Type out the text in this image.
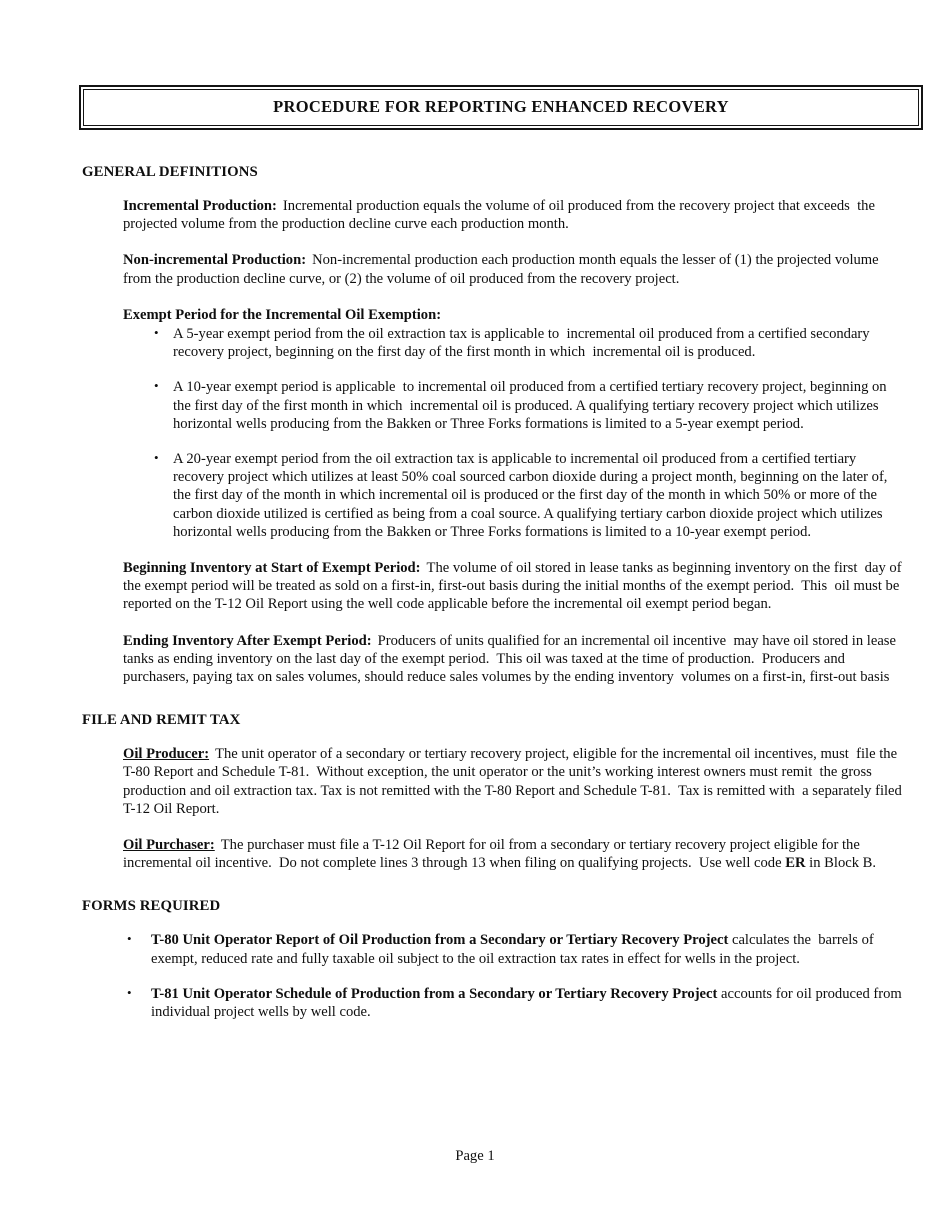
PROCEDURE FOR REPORTING ENHANCED RECOVERY
GENERAL DEFINITIONS

Incremental Production: Incremental production equals the volume of oil produced from the recovery project that exceeds  the projected volume from the production decline curve each production month.

Non-incremental Production: Non-incremental production each production month equals the lesser of (1) the projected volume from the production decline curve, or (2) the volume of oil produced from the recovery project.

Exempt Period for the Incremental Oil Exemption:

• A 5-year exempt period from the oil extraction tax is applicable to  incremental oil produced from a certified secondary recovery project, beginning on the first day of the first month in which  incremental oil is produced.
• A 10-year exempt period is applicable  to incremental oil produced from a certified tertiary recovery project, beginning on the first day of the first month in which  incremental oil is produced. A qualifying tertiary recovery project which utilizes horizontal wells producing from the Bakken or Three Forks formations is limited to a 5-year exempt period.
• A 20-year exempt period from the oil extraction tax is applicable to incremental oil produced from a certified tertiary recovery project which utilizes at least 50% coal sourced carbon dioxide during a project month, beginning on the later of, the first day of the month in which incremental oil is produced or the first day of the month in which 50% or more of the carbon dioxide utilized is certified as being from a coal source. A qualifying tertiary carbon dioxide project which utilizes horizontal wells producing from the Bakken or Three Forks formations is limited to a 10-year exempt period.

Beginning Inventory at Start of Exempt Period: The volume of oil stored in lease tanks as beginning inventory on the first  day of the exempt period will be treated as sold on a first-in, first-out basis during the initial months of the exempt period.  This  oil must be reported on the T-12 Oil Report using the well code applicable before the incremental oil exempt period began.

Ending Inventory After Exempt Period: Producers of units qualified for an incremental oil incentive  may have oil stored in lease tanks as ending inventory on the last day of the exempt period.  This oil was taxed at the time of production.  Producers and purchasers, paying tax on sales volumes, should reduce sales volumes by the ending inventory  volumes on a first-in, first-out basis

FILE AND REMIT TAX

Oil Producer: The unit operator of a secondary or tertiary recovery project, eligible for the incremental oil incentives, must  file the T-80 Report and Schedule T-81.  Without exception, the unit operator or the unit’s working interest owners must remit  the gross production and oil extraction tax. Tax is not remitted with the T-80 Report and Schedule T-81.  Tax is remitted with  a separately filed T-12 Oil Report.

Oil Purchaser: The purchaser must file a T-12 Oil Report for oil from a secondary or tertiary recovery project eligible for the  incremental oil incentive.  Do not complete lines 3 through 13 when filing on qualifying projects.  Use well code ER in Block B.

FORMS REQUIRED
• T-80 Unit Operator Report of Oil Production from a Secondary or Tertiary Recovery Project calculates the  barrels of exempt, reduced rate and fully taxable oil subject to the oil extraction tax rates in effect for wells in the project.
• T-81 Unit Operator Schedule of Production from a Secondary or Tertiary Recovery Project accounts for oil produced from individual project wells by well code.
Page 1
